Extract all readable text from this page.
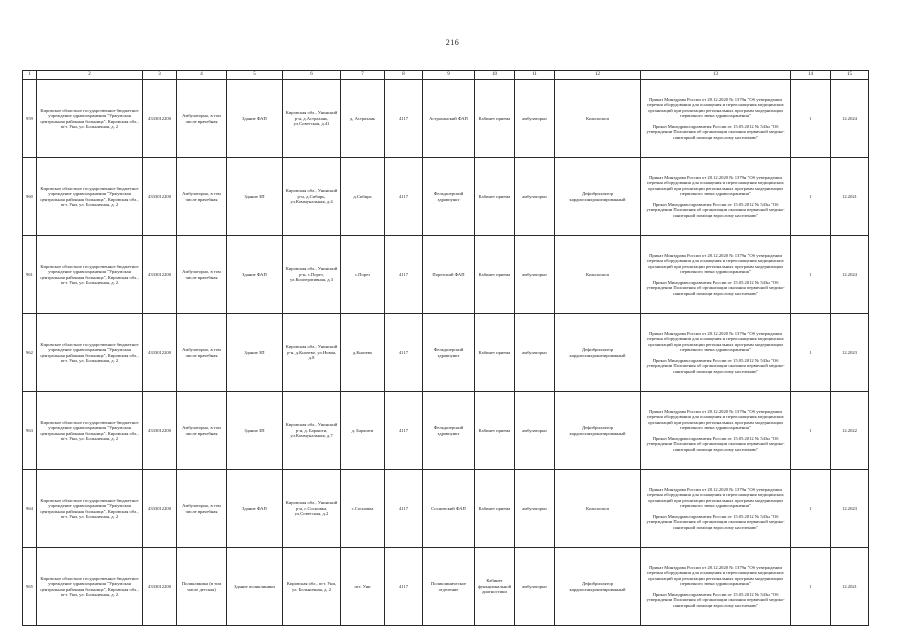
216
1	2	3	4	5	6	7	8	9	10	11	12	13	14	15
959	Кировское областное государственное бюджетное учреждение здравоохранения "Уржумская центральная районная больница", Кировская обл., пгт. Уни, ул. Больничная, д. 2	4333012200	Амбулаторно, в том числе врачебная	Здание ФАП	Кировская обл., Унинский р-н, д.Астрахань, ул.Советская, д.41	д. Астрахань	4117	Астраханский ФАП	Кабинет приема	амбулаторно	Кольпоскоп	Приказ Минздрава России от 28.12.2020 № 1379н "Об утверждении перечня оборудования для оснащения и переоснащения медицинских организаций при реализации региональных программ модернизации первичного звена здравоохранения"
Приказ Минздравсоцразвития России от 15.05.2012 № 543н "Об утверждении Положения об организации оказания первичной медико-санитарной помощи взрослому населению"	1	12.2024
960	Кировское областное государственное бюджетное учреждение здравоохранения "Уржумская центральная районная больница", Кировская обл., пгт. Уни, ул. Больничная, д. 2	4333012200	Амбулаторно, в том числе врачебная	Здание ЗП	Кировская обл., Унинский р-н, д.Сибирь, ул.Коммунальная, д.4	д.Сибирь	4117	Фельдшерский здравпункт	Кабинет приема	амбулаторно	Дефибриллятор кардиосинхронизированный	Приказ Минздрава России от 28.12.2020 № 1379н "Об утверждении перечня оборудования для оснащения и переоснащения медицинских организаций при реализации региональных программ модернизации первичного звена здравоохранения"
Приказ Минздравсоцразвития России от 15.05.2012 № 543н "Об утверждении Положения об организации оказания первичной медико-санитарной помощи взрослому населению"	1	12.2021
961	Кировское областное государственное бюджетное учреждение здравоохранения "Уржумская центральная районная больница", Кировская обл., пгт. Уни, ул. Больничная, д. 2	4333012200	Амбулаторно, в том числе врачебная	Здание ФАП	Кировская обл., Унинский р-н, с.Порез, ул.Кооперативная, д.3	с.Порез	4117	Порезский ФАП	Кабинет приема	амбулаторно	Кольпоскоп	Приказ Минздрава России от 28.12.2020 № 1379н "Об утверждении перечня оборудования для оснащения и переоснащения медицинских организаций при реализации региональных программ модернизации первичного звена здравоохранения"
Приказ Минздравсоцразвития России от 15.05.2012 № 543н "Об утверждении Положения об организации оказания первичной медико-санитарной помощи взрослому населению"	1	12.2024
962	Кировское областное государственное бюджетное учреждение здравоохранения "Уржумская центральная районная больница", Кировская обл., пгт. Уни, ул. Больничная, д. 2	4333012200	Амбулаторно, в том числе врачебная	Здание ЗП	Кировская обл., Унинский р-н, д.Кназево, ул.Новая, д.8	д.Кназево	4117	Фельдшерский здравпункт	Кабинет приема	амбулаторно	Дефибриллятор кардиосинхронизированный	Приказ Минздрава России от 28.12.2020 № 1379н "Об утверждении перечня оборудования для оснащения и переоснащения медицинских организаций при реализации региональных программ модернизации первичного звена здравоохранения"
Приказ Минздравсоцразвития России от 15.05.2012 № 543н "Об утверждении Положения об организации оказания первичной медико-санитарной помощи взрослому населению"	1	12.2023
963	Кировское областное государственное бюджетное учреждение здравоохранения "Уржумская центральная районная больница", Кировская обл., пгт. Уни, ул. Больничная, д. 2	4333012200	Амбулаторно, в том числе врачебная	Здание ЗП	Кировская обл., Унинский р-н, д. Барашти, ул.Коммунальная, д.7	д. Барашти	4117	Фельдшерский здравпункт	Кабинет приема	амбулаторно	Дефибриллятор кардиосинхронизированный	Приказ Минздрава России от 28.12.2020 № 1379н "Об утверждении перечня оборудования для оснащения и переоснащения медицинских организаций при реализации региональных программ модернизации первичного звена здравоохранения"
Приказ Минздравсоцразвития России от 15.05.2012 № 543н "Об утверждении Положения об организации оказания первичной медико-санитарной помощи взрослому населению"	1	12.2022
964	Кировское областное государственное бюджетное учреждение здравоохранения "Уржумская центральная районная больница", Кировская обл., пгт. Уни, ул. Больничная, д. 2	4333012200	Амбулаторно, в том числе врачебная	Здание ФАП	Кировская обл., Унинский р-н, с.Сосновка, ул.Советская, д.2	с.Сосновка	4117	Сосновский ФАП	Кабинет приема	амбулаторно	Кольпоскоп	Приказ Минздрава России от 28.12.2020 № 1379н "Об утверждении перечня оборудования для оснащения и переоснащения медицинских организаций при реализации региональных программ модернизации первичного звена здравоохранения"
Приказ Минздравсоцразвития России от 15.05.2012 № 543н "Об утверждении Положения об организации оказания первичной медико-санитарной помощи взрослому населению"	1	12.2023
965	Кировское областное государственное бюджетное учреждение здравоохранения "Уржумская центральная районная больница", Кировская обл., пгт. Уни, ул. Больничная, д. 2	4333012200	Поликлиника (в том числе детская)	Здание поликлиники	Кировская обл., пгт. Уни, ул. Больничная, д. 2	пгт. Уни	4117	Поликлиническое отделение	Кабинет функциональной диагностики	амбулаторно	Дефибриллятор кардиосинхронизированный	Приказ Минздрава России от 28.12.2020 № 1379н "Об утверждении перечня оборудования для оснащения и переоснащения медицинских организаций при реализации региональных программ модернизации первичного звена здравоохранения"
Приказ Минздравсоцразвития России от 15.05.2012 № 543н "Об утверждении Положения об организации оказания первичной медико-санитарной помощи взрослому населению"	1	12.2021
